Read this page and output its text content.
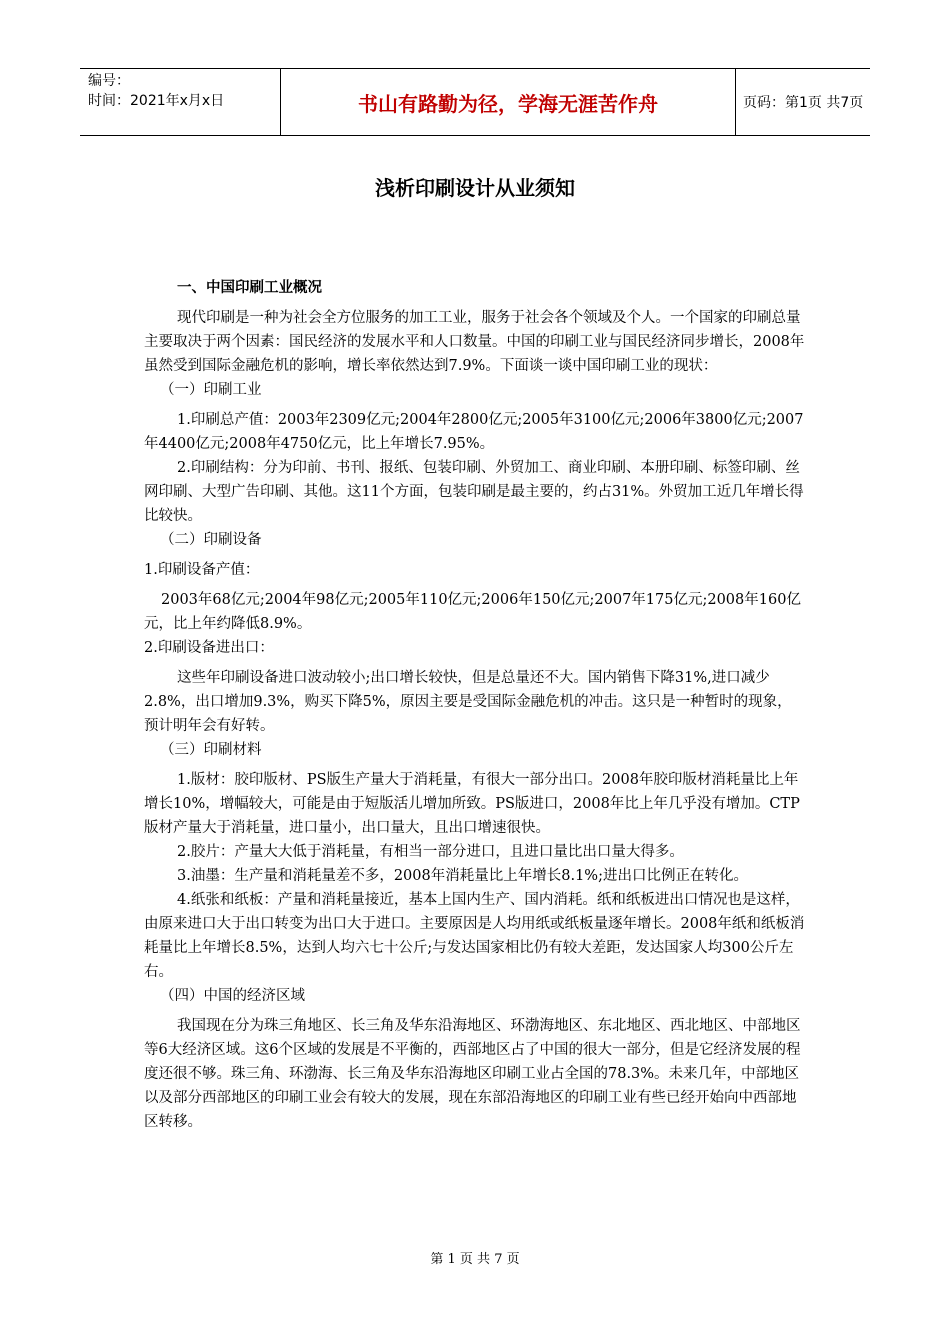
编号：
时间：2021年x月x日	书山有路勤为径，学海无涯苦作舟	页码：第1页 共7页
浅析印刷设计从业须知

一、中国印刷工业概况

现代印刷是一种为社会全方位服务的加工工业，服务于社会各个领域及个人。一个国家的印刷总量主要取决于两个因素：国民经济的发展水平和人口数量。中国的印刷工业与国民经济同步增长，2008年虽然受到国际金融危机的影响，增长率依然达到7.9%。下面谈一谈中国印刷工业的现状：

（一）印刷工业

1.印刷总产值：2003年2309亿元;2004年2800亿元;2005年3100亿元;2006年3800亿元;2007年4400亿元;2008年4750亿元，比上年增长7.95%。

2.印刷结构：分为印前、书刊、报纸、包装印刷、外贸加工、商业印刷、本册印刷、标签印刷、丝网印刷、大型广告印刷、其他。这11个方面，包装印刷是最主要的，约占31%。外贸加工近几年增长得比较快。

（二）印刷设备

1.印刷设备产值：

2003年68亿元;2004年98亿元;2005年110亿元;2006年150亿元;2007年175亿元;2008年160亿元，比上年约降低8.9%。

2.印刷设备进出口：

这些年印刷设备进口波动较小;出口增长较快，但是总量还不大。国内销售下降31%,进口减少2.8%，出口增加9.3%，购买下降5%，原因主要是受国际金融危机的冲击。这只是一种暂时的现象，预计明年会有好转。

（三）印刷材料

1.版材：胶印版材、PS版生产量大于消耗量，有很大一部分出口。2008年胶印版材消耗量比上年增长10%，增幅较大，可能是由于短版活儿增加所致。PS版进口，2008年比上年几乎没有增加。CTP版材产量大于消耗量，进口量小，出口量大，且出口增速很快。

2.胶片：产量大大低于消耗量，有相当一部分进口，且进口量比出口量大得多。

3.油墨：生产量和消耗量差不多，2008年消耗量比上年增长8.1%;进出口比例正在转化。

4.纸张和纸板：产量和消耗量接近，基本上国内生产、国内消耗。纸和纸板进出口情况也是这样，由原来进口大于出口转变为出口大于进口。主要原因是人均用纸或纸板量逐年增长。2008年纸和纸板消耗量比上年增长8.5%，达到人均六七十公斤;与发达国家相比仍有较大差距，发达国家人均300公斤左右。

（四）中国的经济区域

我国现在分为珠三角地区、长三角及华东沿海地区、环渤海地区、东北地区、西北地区、中部地区等6大经济区域。这6个区域的发展是不平衡的，西部地区占了中国的很大一部分，但是它经济发展的程度还很不够。珠三角、环渤海、长三角及华东沿海地区印刷工业占全国的78.3%。未来几年，中部地区以及部分西部地区的印刷工业会有较大的发展，现在东部沿海地区的印刷工业有些已经开始向中西部地区转移。

第 1 页 共 7 页
